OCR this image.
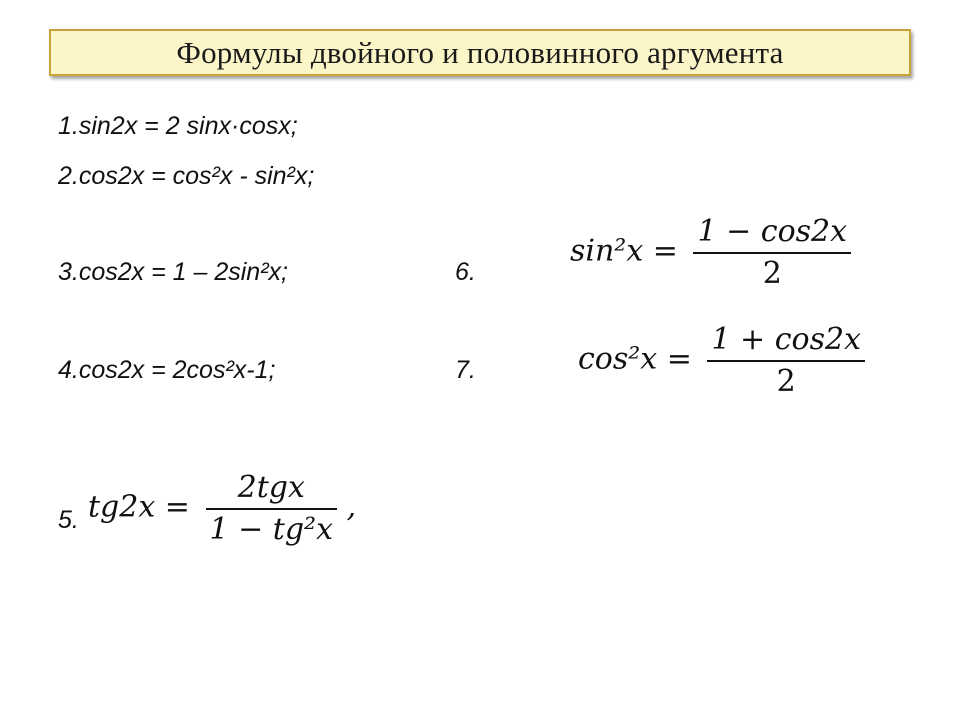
Формулы двойного и половинного аргумента
1.sin2x = 2 sinx·cosx;
2.cos2x = cos²x - sin²x;
3.cos2x = 1 – 2sin²x;
4.cos2x = 2cos²x-1;
6.
7.
$\sin^2x = \frac{1 - \cos 2x}{2}$
$\cos^2x = \frac{1 + \cos 2x}{2}$
5. $tg2x = \frac{\text{2tgx}}{\text{1 − tg²x}}$ ,
